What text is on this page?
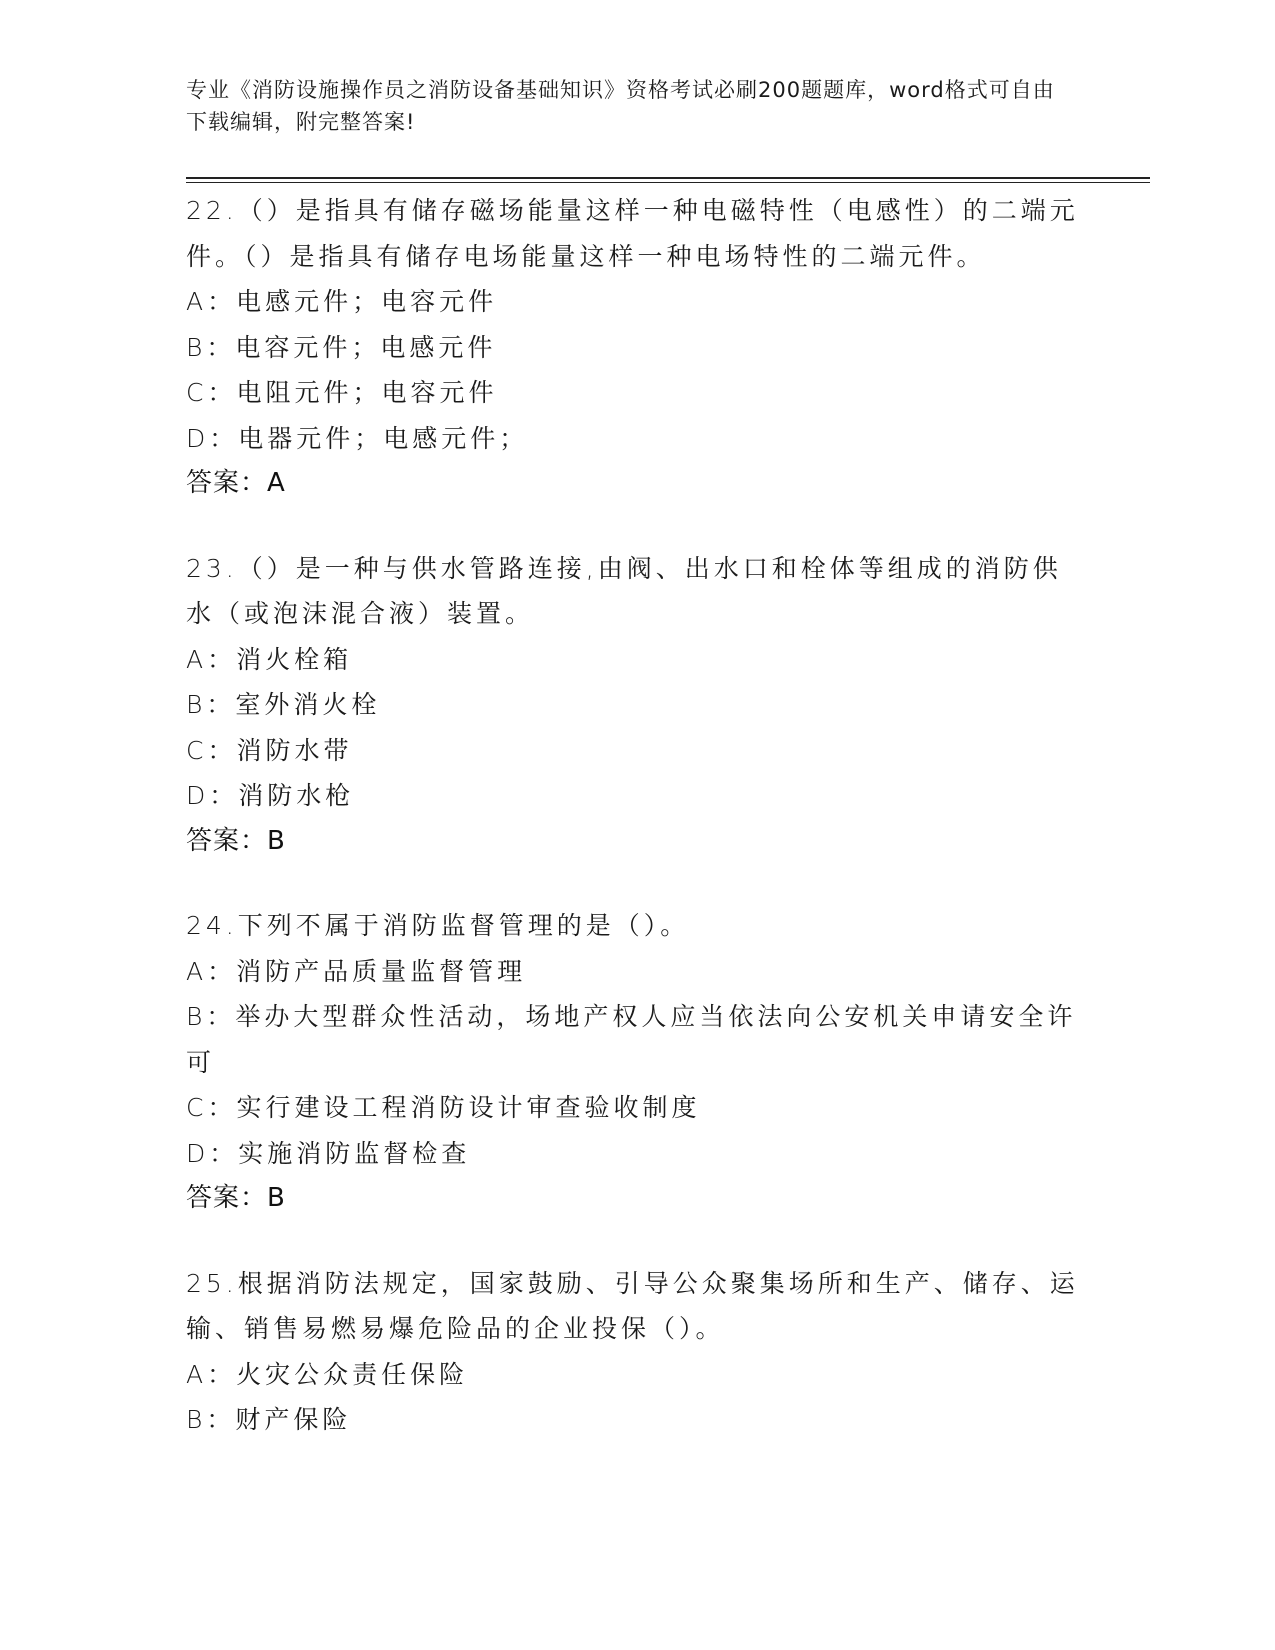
专业《消防设施操作员之消防设备基础知识》资格考试必刷200题题库，word格式可自由下载编辑，附完整答案!
22.（）是指具有储存磁场能量这样一种电磁特性（电感性）的二端元件。（）是指具有储存电场能量这样一种电场特性的二端元件。
A：电感元件；电容元件
B：电容元件；电感元件
C：电阻元件；电容元件
D：电器元件；电感元件；
答案：A
23.（）是一种与供水管路连接,由阀、出水口和栓体等组成的消防供水（或泡沫混合液）装置。
A：消火栓箱
B：室外消火栓
C：消防水带
D：消防水枪
答案：B
24.下列不属于消防监督管理的是（）。
A：消防产品质量监督管理
B：举办大型群众性活动，场地产权人应当依法向公安机关申请安全许可
C：实行建设工程消防设计审查验收制度
D：实施消防监督检查
答案：B
25.根据消防法规定，国家鼓励、引导公众聚集场所和生产、储存、运输、销售易燃易爆危险品的企业投保（）。
A：火灾公众责任保险
B：财产保险
